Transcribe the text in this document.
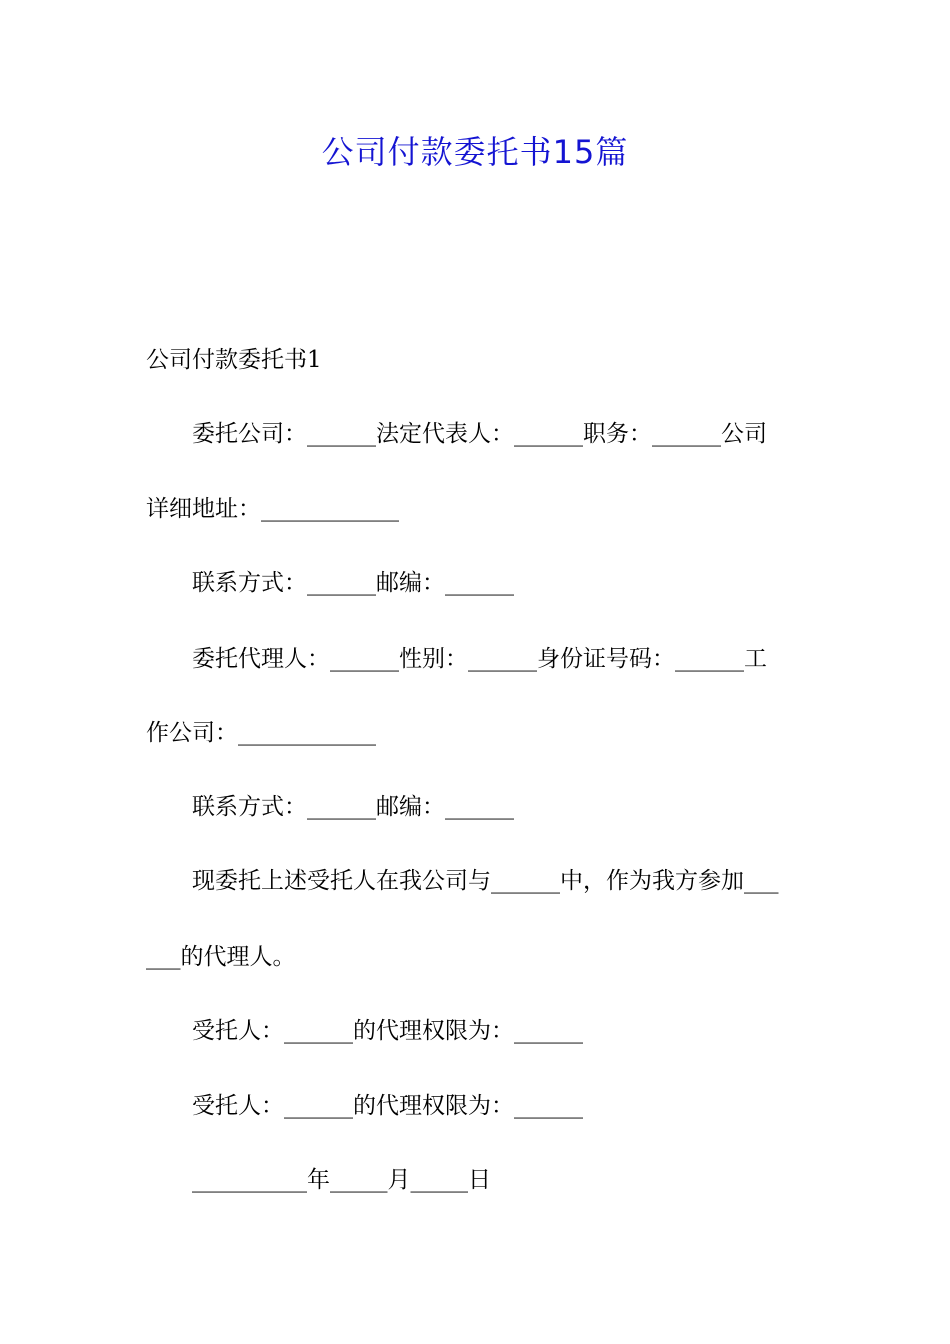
公司付款委托书15篇
公司付款委托书1
委托公司：______法定代表人：______职务：______公司
详细地址：____________
联系方式：______邮编：______
委托代理人：______性别：______身份证号码：______工
作公司：____________
联系方式：______邮编：______
现委托上述受托人在我公司与______中，作为我方参加___
___的代理人。
受托人：______的代理权限为：______
受托人：______的代理权限为：______
__________年_____月_____日
